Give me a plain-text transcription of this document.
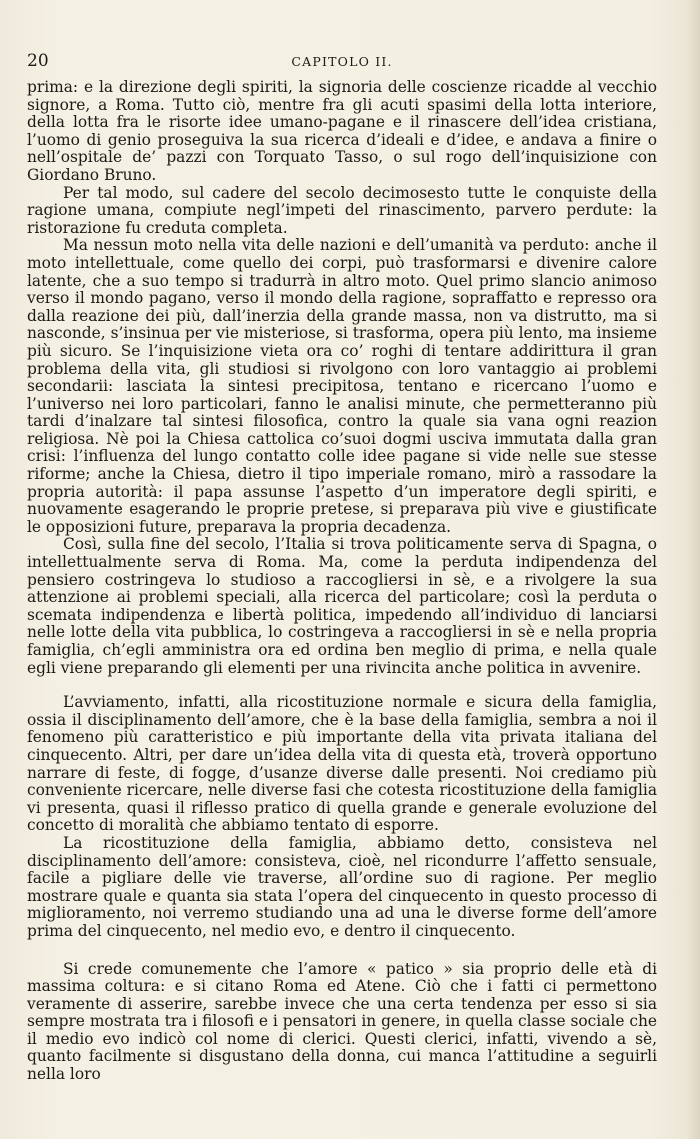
20	CAPITOLO II.

prima: e la direzione degli spiriti, la signoria delle coscienze ricadde al vecchio signore, a Roma. Tutto ciò, mentre fra gli acuti spasimi della lotta interiore, della lotta fra le risorte idee umano-pagane e il rinascere dell’idea cristiana, l’uomo di genio proseguiva la sua ricerca d’ideali e d’idee, e andava a finire o nell’ospitale de’ pazzi con Torquato Tasso, o sul rogo dell’inquisizione con Giordano Bruno.

Per tal modo, sul cadere del secolo decimosesto tutte le conquiste della ragione umana, compiute negl’impeti del rinascimento, parvero perdute: la ristorazione fu creduta completa.

Ma nessun moto nella vita delle nazioni e dell’umanità va perduto: anche il moto intellettuale, come quello dei corpi, può trasformarsi e divenire calore latente, che a suo tempo si tradurrà in altro moto. Quel primo slancio animoso verso il mondo pagano, verso il mondo della ragione, sopraffatto e represso ora dalla reazione dei più, dall’inerzia della grande massa, non va distrutto, ma si nasconde, s’insinua per vie misteriose, si trasforma, opera più lento, ma insieme più sicuro. Se l’inquisizione vieta ora co’ roghi di tentare addirittura il gran problema della vita, gli studiosi si rivolgono con loro vantaggio ai problemi secondarii: lasciata la sintesi precipitosa, tentano e ricercano l’uomo e l’universo nei loro particolari, fanno le analisi minute, che permetteranno più tardi d’inalzare tal sintesi filosofica, contro la quale sia vana ogni reazion religiosa. Nè poi la Chiesa cattolica co’suoi dogmi usciva immutata dalla gran crisi: l’influenza del lungo contatto colle idee pagane si vide nelle sue stesse riforme; anche la Chiesa, dietro il tipo imperiale romano, mirò a rassodare la propria autorità: il papa assunse l’aspetto d’un imperatore degli spiriti, e nuovamente esagerando le proprie pretese, si preparava più vive e giustificate le opposizioni future, preparava la propria decadenza.

Così, sulla fine del secolo, l’Italia si trova politicamente serva di Spagna, o intellettualmente serva di Roma. Ma, come la perduta indipendenza del pensiero costringeva lo studioso a raccogliersi in sè, e a rivolgere la sua attenzione ai problemi speciali, alla ricerca del particolare; così la perduta o scemata indipendenza e libertà politica, impedendo all’individuo di lanciarsi nelle lotte della vita pubblica, lo costringeva a raccogliersi in sè e nella propria famiglia, ch’egli amministra ora ed ordina ben meglio di prima, e nella quale egli viene preparando gli elementi per una rivincita anche politica in avvenire.

L’avviamento, infatti, alla ricostituzione normale e sicura della famiglia, ossia il disciplinamento dell’amore, che è la base della famiglia, sembra a noi il fenomeno più caratteristico e più importante della vita privata italiana del cinquecento. Altri, per dare un’idea della vita di questa età, troverà opportuno narrare di feste, di fogge, d’usanze diverse dalle presenti. Noi crediamo più conveniente ricercare, nelle diverse fasi che cotesta ricostituzione della famiglia vi presenta, quasi il riflesso pratico di quella grande e generale evoluzione del concetto di moralità che abbiamo tentato di esporre.

La ricostituzione della famiglia, abbiamo detto, consisteva nel disciplinamento dell’amore: consisteva, cioè, nel ricondurre l’affetto sensuale, facile a pigliare delle vie traverse, all’ordine suo di ragione. Per meglio mostrare quale e quanta sia stata l’opera del cinquecento in questo processo di miglioramento, noi verremo studiando una ad una le diverse forme dell’amore prima del cinquecento, nel medio evo, e dentro il cinquecento.

Si crede comunemente che l’amore « patico » sia proprio delle età di massima coltura: e si citano Roma ed Atene. Ciò che i fatti ci permettono veramente di asserire, sarebbe invece che una certa tendenza per esso si sia sempre mostrata tra i filosofi e i pensatori in genere, in quella classe sociale che il medio evo indicò col nome di clerici. Questi clerici, infatti, vivendo a sè, quanto facilmente si disgustano della donna, cui manca l’attitudine a seguirli nella loro
